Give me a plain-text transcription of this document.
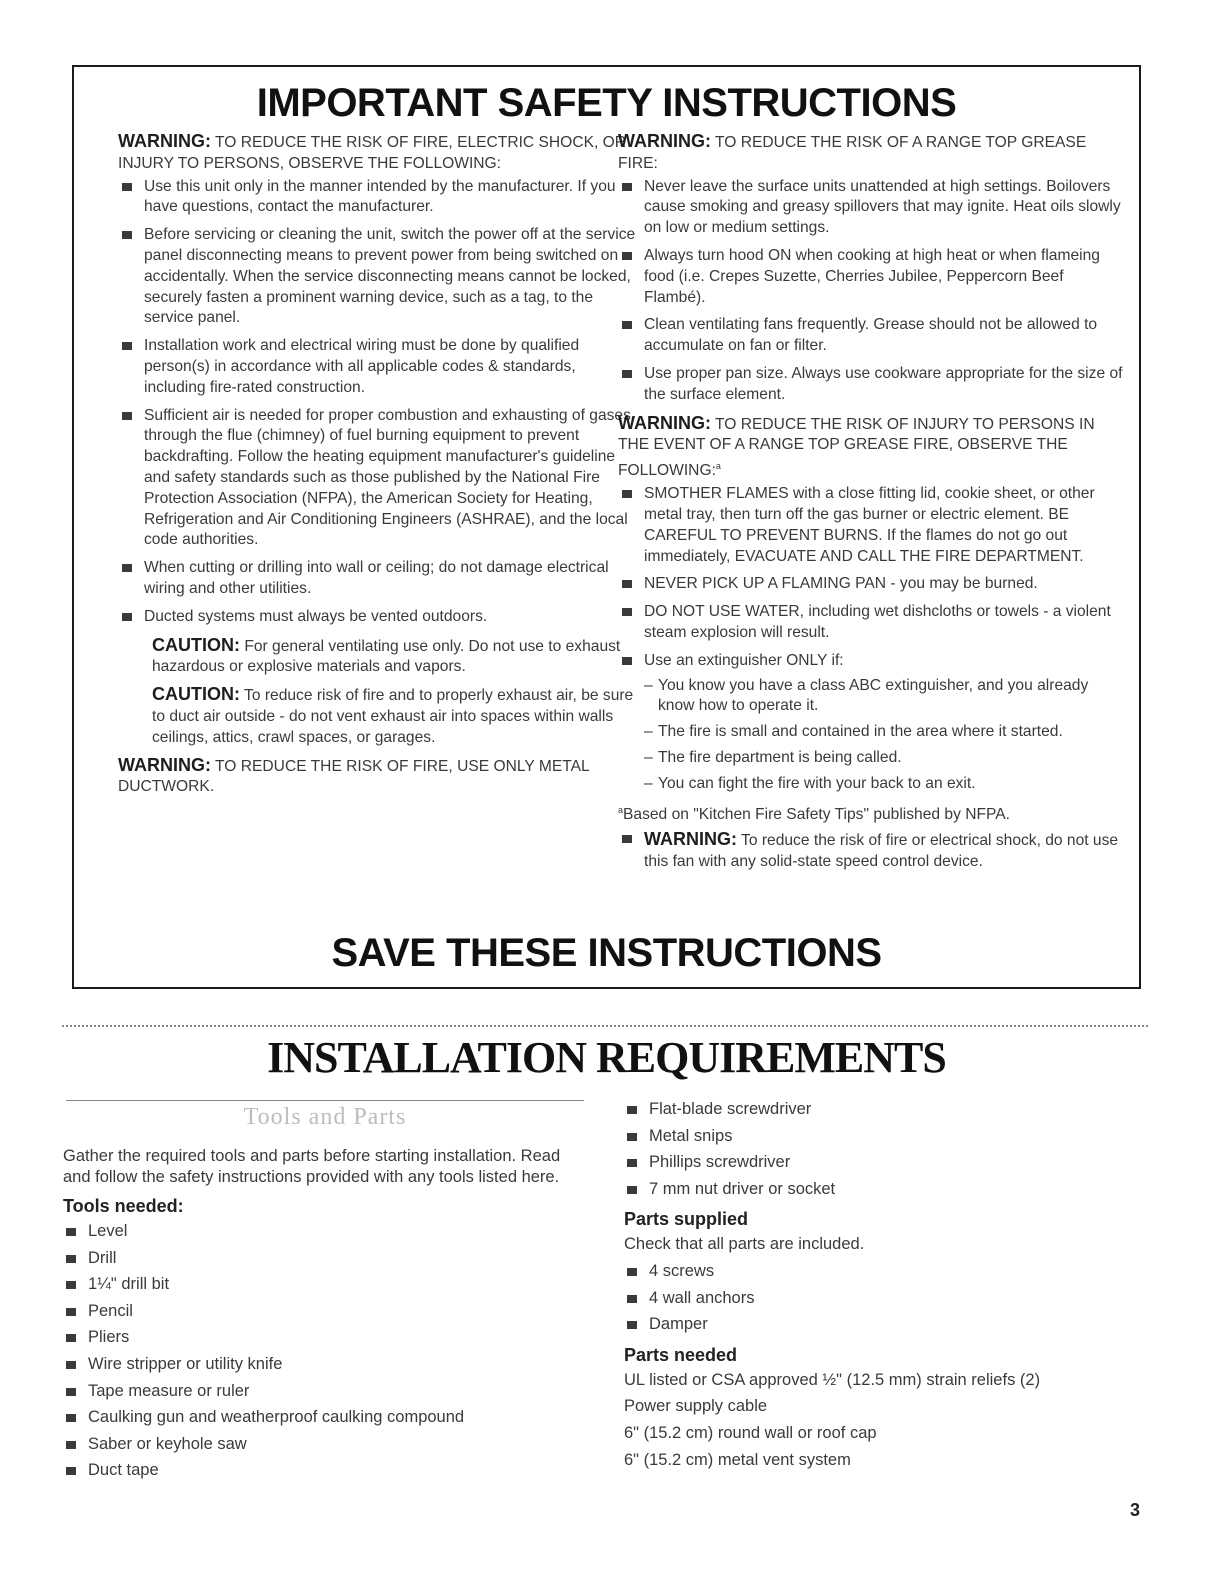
IMPORTANT SAFETY INSTRUCTIONS

WARNING: TO REDUCE THE RISK OF FIRE, ELECTRIC SHOCK, OR INJURY TO PERSONS, OBSERVE THE FOLLOWING:

Use this unit only in the manner intended by the manufacturer. If you have questions, contact the manufacturer.
Before servicing or cleaning the unit, switch the power off at the service panel disconnecting means to prevent power from being switched on accidentally. When the service disconnecting means cannot be locked, securely fasten a prominent warning device, such as a tag, to the service panel.
Installation work and electrical wiring must be done by qualified person(s) in accordance with all applicable codes & standards, including fire-rated construction.
Sufficient air is needed for proper combustion and exhausting of gases through the flue (chimney) of fuel burning equipment to prevent backdrafting. Follow the heating equipment manufacturer's guideline and safety standards such as those published by the National Fire Protection Association (NFPA), the American Society for Heating, Refrigeration and Air Conditioning Engineers (ASHRAE), and the local code authorities.
When cutting or drilling into wall or ceiling; do not damage electrical wiring and other utilities.
Ducted systems must always be vented outdoors.

CAUTION: For general ventilating use only. Do not use to exhaust hazardous or explosive materials and vapors.

CAUTION: To reduce risk of fire and to properly exhaust air, be sure to duct air outside - do not vent exhaust air into spaces within walls ceilings, attics, crawl spaces, or garages.

WARNING: TO REDUCE THE RISK OF FIRE, USE ONLY METAL DUCTWORK.

WARNING: TO REDUCE THE RISK OF A RANGE TOP GREASE FIRE:

Never leave the surface units unattended at high settings. Boilovers cause smoking and greasy spillovers that may ignite. Heat oils slowly on low or medium settings.
Always turn hood ON when cooking at high heat or when flameing food (i.e. Crepes Suzette, Cherries Jubilee, Peppercorn Beef Flambé).
Clean ventilating fans frequently. Grease should not be allowed to accumulate on fan or filter.
Use proper pan size. Always use cookware appropriate for the size of the surface element.

WARNING: TO REDUCE THE RISK OF INJURY TO PERSONS IN THE EVENT OF A RANGE TOP GREASE FIRE, OBSERVE THE FOLLOWING:$^a$

SMOTHER FLAMES with a close fitting lid, cookie sheet, or other metal tray, then turn off the gas burner or electric element. BE CAREFUL TO PREVENT BURNS. If the flames do not go out immediately, EVACUATE AND CALL THE FIRE DEPARTMENT.
NEVER PICK UP A FLAMING PAN - you may be burned.
DO NOT USE WATER, including wet dishcloths or towels - a violent steam explosion will result.
Use an extinguisher ONLY if:
– You know you have a class ABC extinguisher, and you already know how to operate it.
– The fire is small and contained in the area where it started.
– The fire department is being called.
– You can fight the fire with your back to an exit.

$^a$Based on "Kitchen Fire Safety Tips" published by NFPA.

WARNING: To reduce the risk of fire or electrical shock, do not use this fan with any solid-state speed control device.
SAVE THESE INSTRUCTIONS
INSTALLATION REQUIREMENTS
Tools and Parts

Gather the required tools and parts before starting installation. Read and follow the safety instructions provided with any tools listed here.

Tools needed:
Level
Drill
1¼" drill bit
Pencil
Pliers
Wire stripper or utility knife
Tape measure or ruler
Caulking gun and weatherproof caulking compound
Saber or keyhole saw
Duct tape
Flat-blade screwdriver
Metal snips
Phillips screwdriver
7 mm nut driver or socket
Parts supplied
Check that all parts are included.
4 screws
4 wall anchors
Damper
Parts needed
UL listed or CSA approved ½" (12.5 mm) strain reliefs (2)
Power supply cable
6" (15.2 cm) round wall or roof cap
6" (15.2 cm) metal vent system
3
